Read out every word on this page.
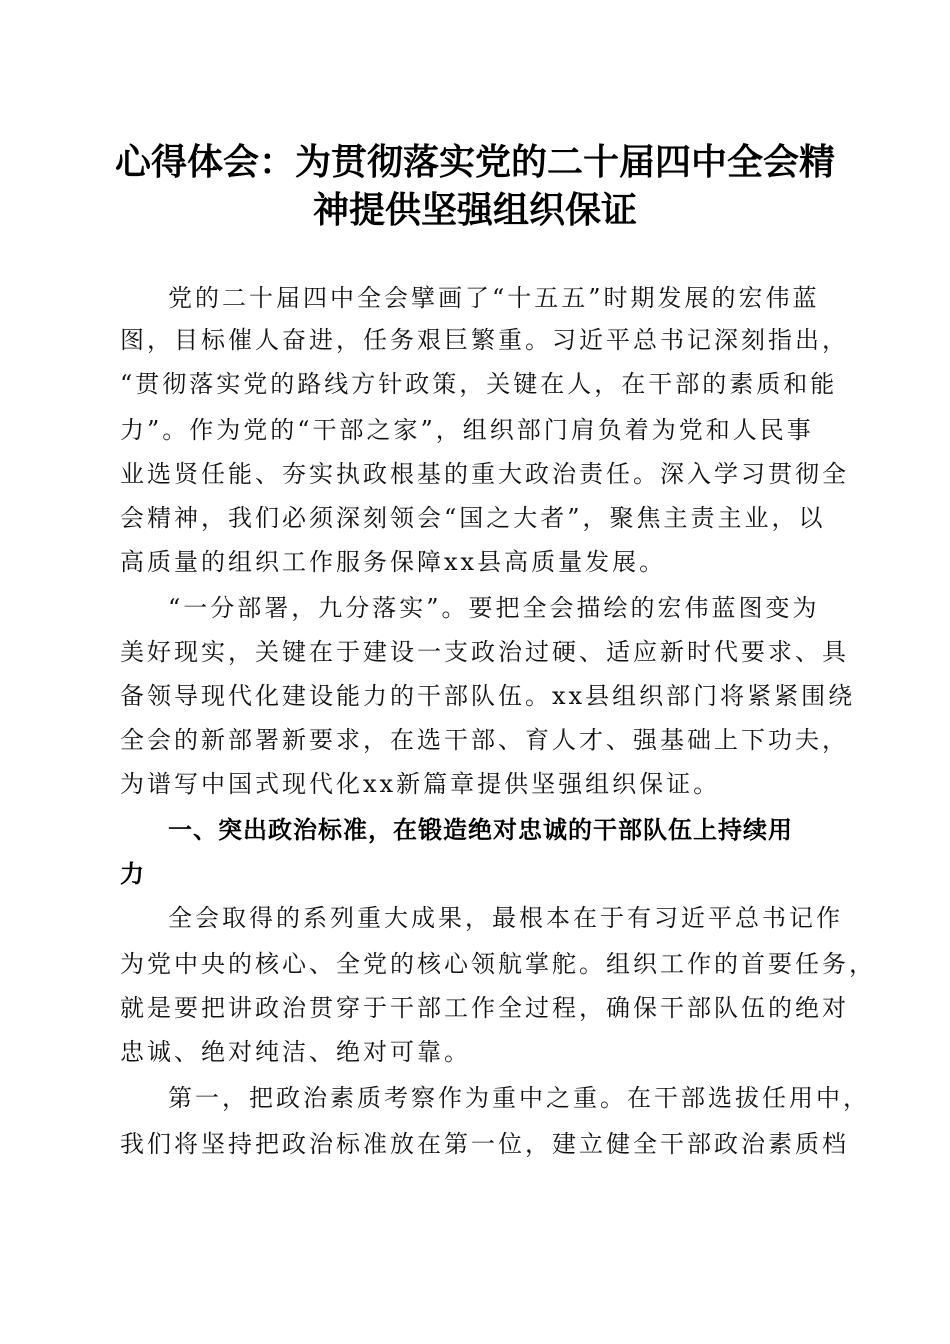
心得体会：为贯彻落实党的二十届四中全会精
神提供坚强组织保证

党的二十届四中全会擘画了“十五五”时期发展的宏伟蓝

图，目标催人奋进，任务艰巨繁重。习近平总书记深刻指出，

“贯彻落实党的路线方针政策，关键在人，在干部的素质和能

力”。作为党的“干部之家”，组织部门肩负着为党和人民事

业选贤任能、夯实执政根基的重大政治责任。深入学习贯彻全

会精神，我们必须深刻领会“国之大者”，聚焦主责主业，以

高质量的组织工作服务保障xx县高质量发展。

“一分部署，九分落实”。要把全会描绘的宏伟蓝图变为

美好现实，关键在于建设一支政治过硬、适应新时代要求、具

备领导现代化建设能力的干部队伍。xx县组织部门将紧紧围绕

全会的新部署新要求，在选干部、育人才、强基础上下功夫，

为谱写中国式现代化xx新篇章提供坚强组织保证。

一、突出政治标准，在锻造绝对忠诚的干部队伍上持续用

力

全会取得的系列重大成果，最根本在于有习近平总书记作

为党中央的核心、全党的核心领航掌舵。组织工作的首要任务，

就是要把讲政治贯穿于干部工作全过程，确保干部队伍的绝对

忠诚、绝对纯洁、绝对可靠。

第一，把政治素质考察作为重中之重。在干部选拔任用中，

我们将坚持把政治标准放在第一位，建立健全干部政治素质档
